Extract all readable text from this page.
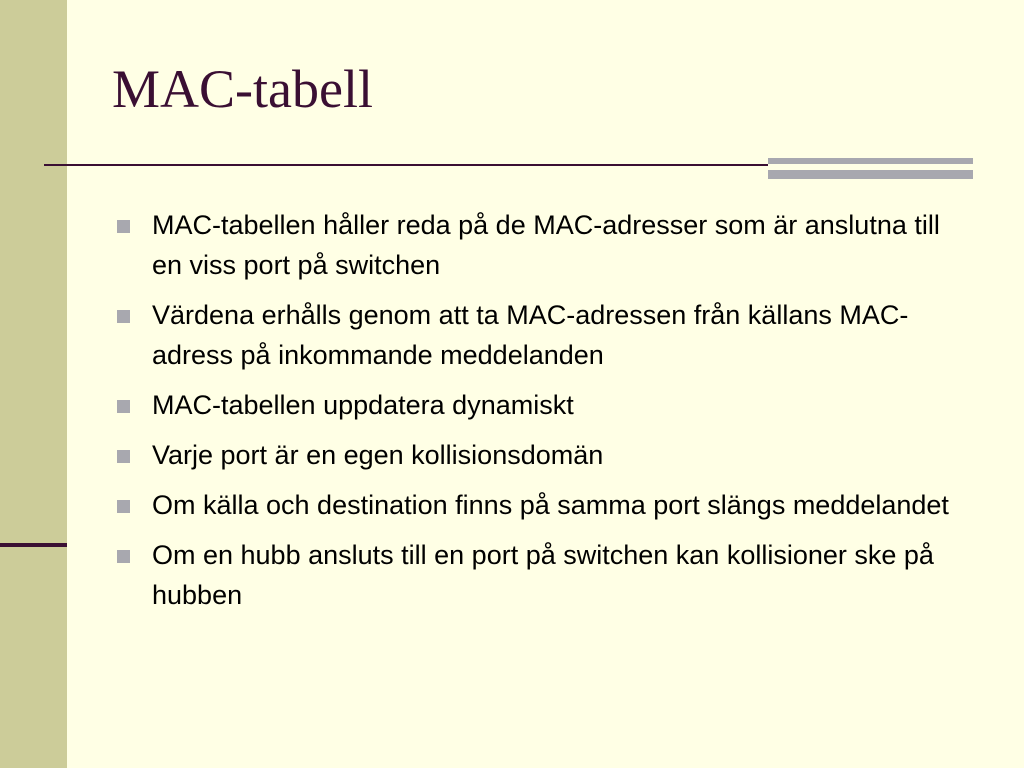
MAC-tabell
MAC-tabellen håller reda på de MAC-adresser som är anslutna till en viss port på switchen
Värdena erhålls genom att ta MAC-adressen från källans MAC-adress på inkommande meddelanden
MAC-tabellen uppdatera dynamiskt
Varje port är en egen kollisionsdomän
Om källa och destination finns på samma port slängs meddelandet
Om en hubb ansluts till en port på switchen kan kollisioner ske på hubben
